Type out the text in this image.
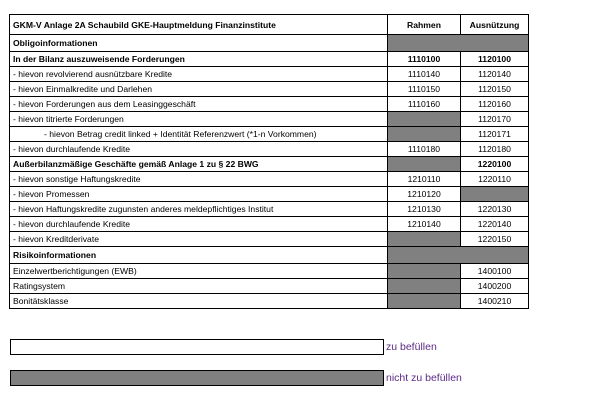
GKM-V Anlage 2A Schaubild GKE-Hauptmeldung Finanzinstitute	Rahmen	Ausnützung
Obligoinformationen		
In der Bilanz auszuweisende Forderungen	1110100	1120100
- hievon revolvierend ausnützbare Kredite	1110140	1120140
- hievon Einmalkredite und Darlehen	1110150	1120150
- hievon Forderungen aus dem Leasinggeschäft	1110160	1120160
- hievon titrierte Forderungen		1120170
- hievon Betrag credit linked + Identität Referenzwert (*1-n Vorkommen)		1120171
- hievon durchlaufende Kredite	1110180	1120180
Außerbilanzmäßige Geschäfte gemäß Anlage 1 zu § 22 BWG		1220100
- hievon sonstige Haftungskredite	1210110	1220110
- hievon Promessen	1210120	
- hievon Haftungskredite zugunsten anderes meldepflichtiges Institut	1210130	1220130
- hievon durchlaufende Kredite	1210140	1220140
- hievon Kreditderivate		1220150
Risikoinformationen		
Einzelwertberichtigungen (EWB)		1400100
Ratingsystem		1400200
Bonitätsklasse		1400210
zu befüllen
nicht zu befüllen
